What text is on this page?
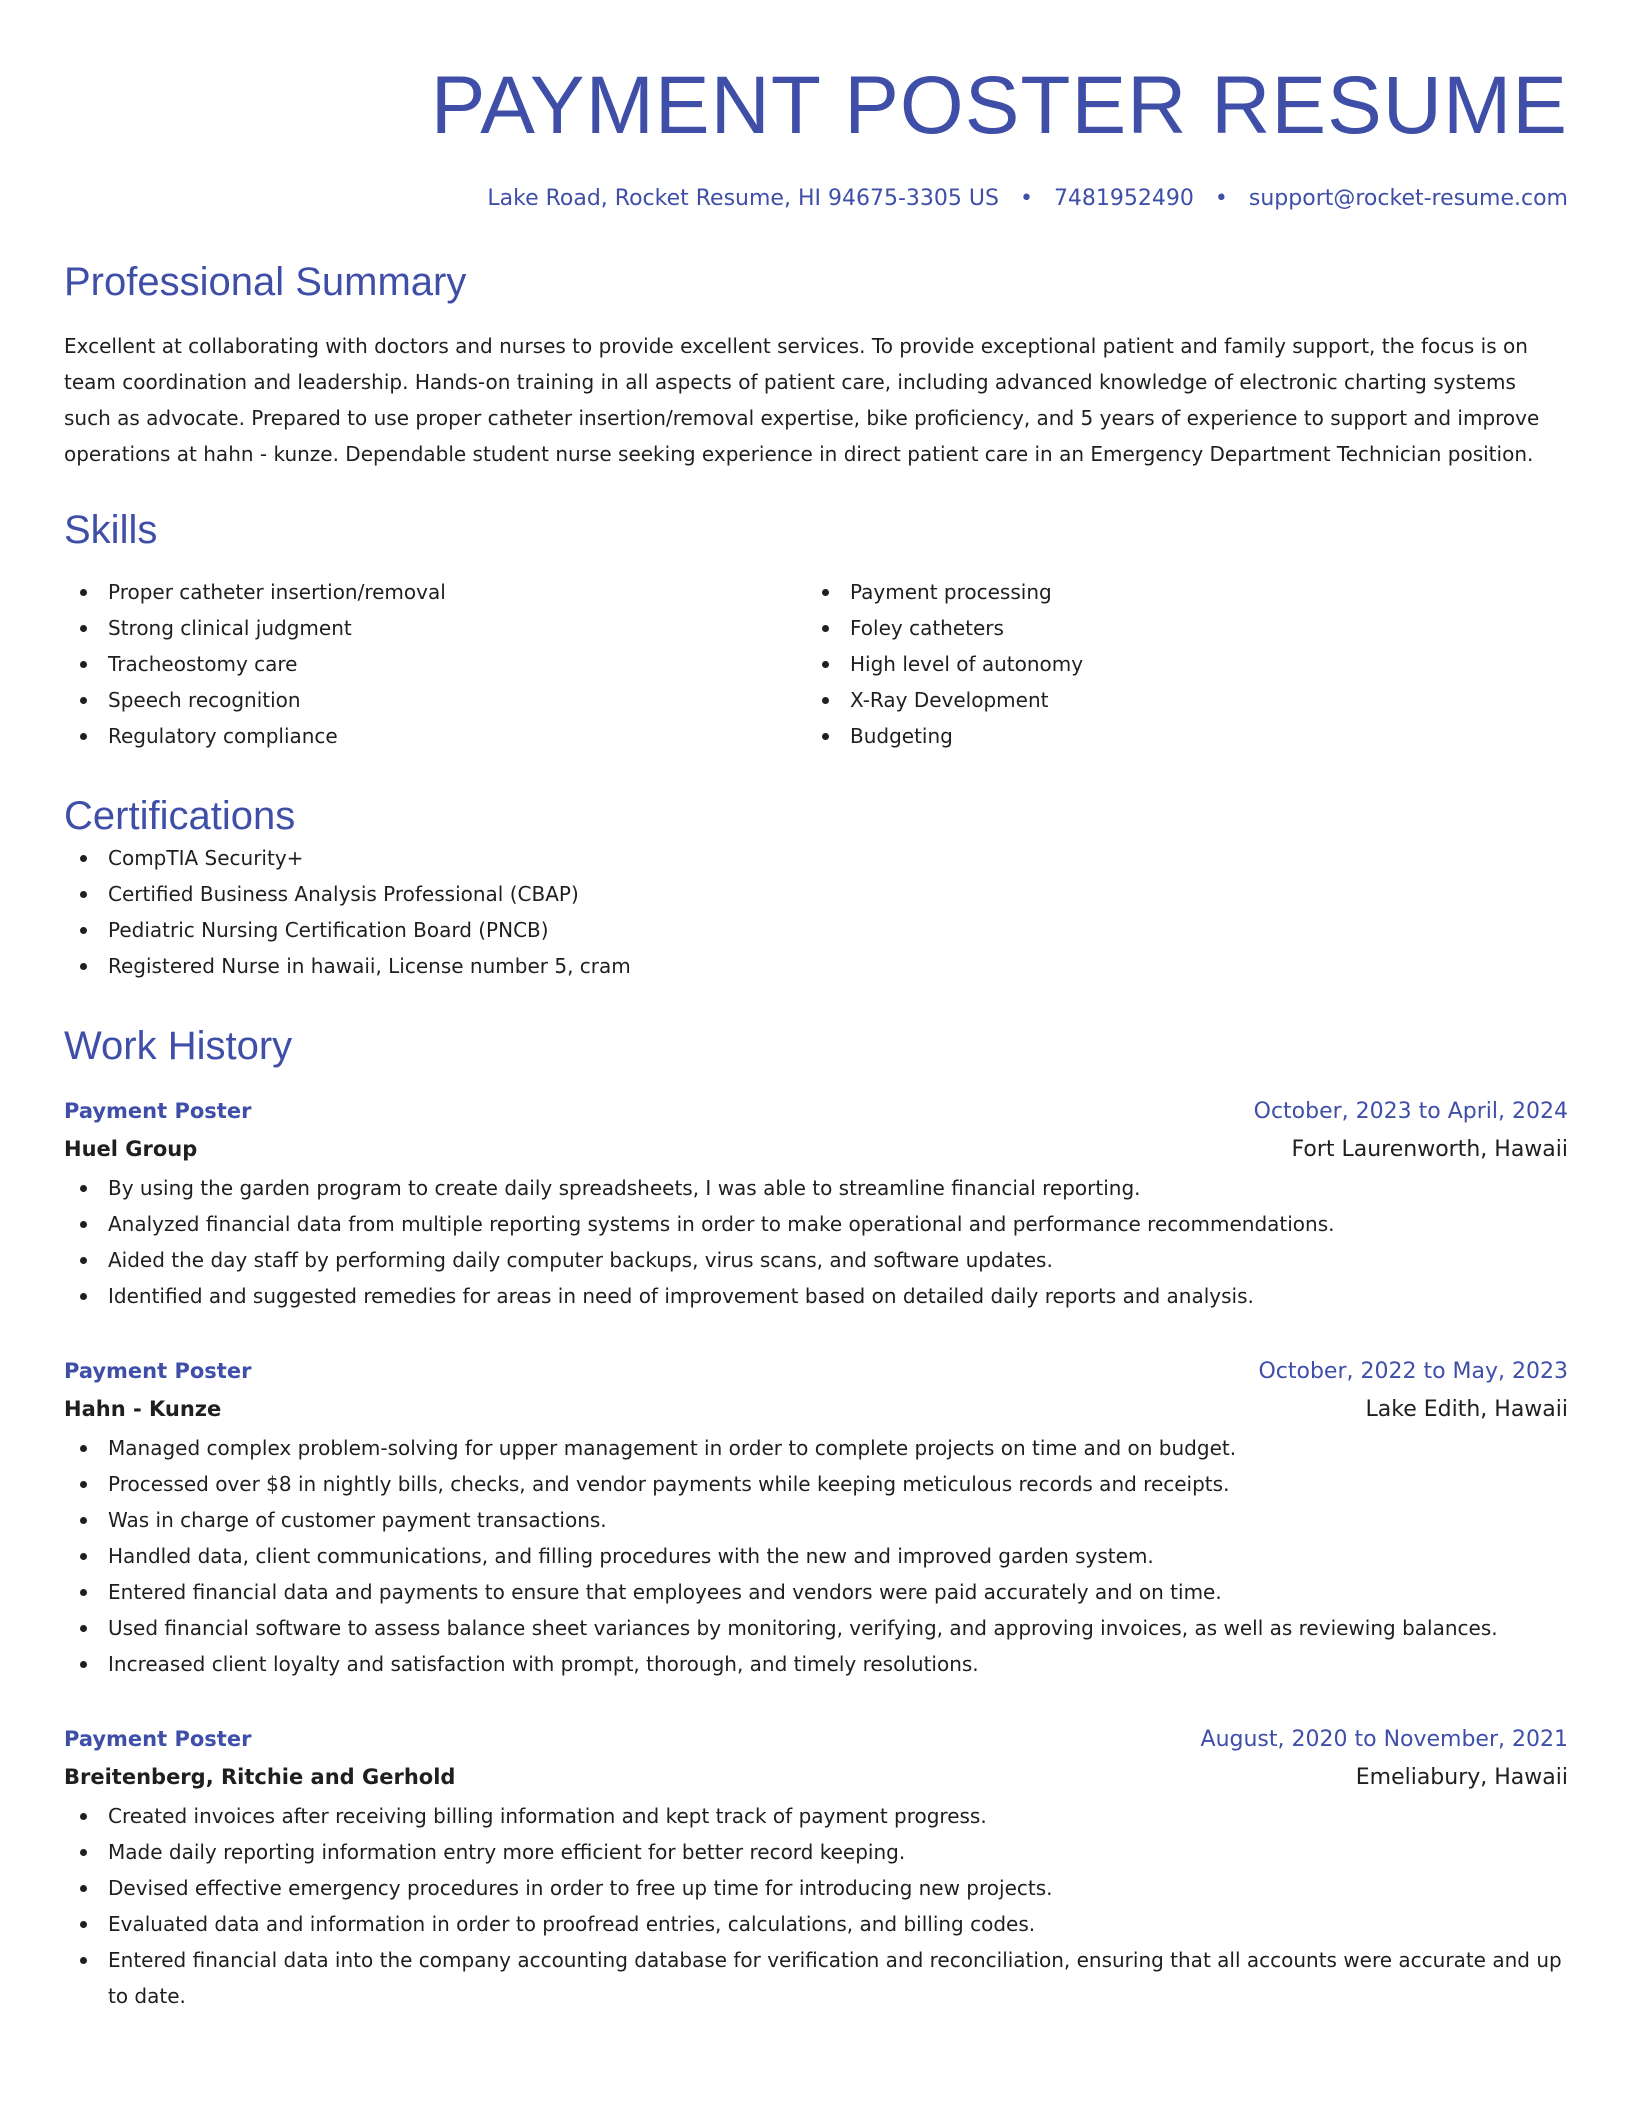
PAYMENT POSTER RESUME
Lake Road, Rocket Resume, HI 94675-3305 US • 7481952490 • support@rocket-resume.com
Professional Summary

Excellent at collaborating with doctors and nurses to provide excellent services. To provide exceptional patient and family support, the focus is on team coordination and leadership. Hands-on training in all aspects of patient care, including advanced knowledge of electronic charting systems such as advocate. Prepared to use proper catheter insertion/removal expertise, bike proficiency, and 5 years of experience to support and improve operations at hahn - kunze. Dependable student nurse seeking experience in direct patient care in an Emergency Department Technician position.

Skills
Proper catheter insertion/removal
Strong clinical judgment
Tracheostomy care
Speech recognition
Regulatory compliance
Payment processing
Foley catheters
High level of autonomy
X-Ray Development
Budgeting
Certifications
CompTIA Security+
Certified Business Analysis Professional (CBAP)
Pediatric Nursing Certification Board (PNCB)
Registered Nurse in hawaii, License number 5, cram
Work History
Payment Poster	October, 2023 to April, 2024
Huel Group	Fort Laurenworth, Hawaii
By using the garden program to create daily spreadsheets, I was able to streamline financial reporting.
Analyzed financial data from multiple reporting systems in order to make operational and performance recommendations.
Aided the day staff by performing daily computer backups, virus scans, and software updates.
Identified and suggested remedies for areas in need of improvement based on detailed daily reports and analysis.
Payment Poster	October, 2022 to May, 2023
Hahn - Kunze	Lake Edith, Hawaii
Managed complex problem-solving for upper management in order to complete projects on time and on budget.
Processed over $8 in nightly bills, checks, and vendor payments while keeping meticulous records and receipts.
Was in charge of customer payment transactions.
Handled data, client communications, and filling procedures with the new and improved garden system.
Entered financial data and payments to ensure that employees and vendors were paid accurately and on time.
Used financial software to assess balance sheet variances by monitoring, verifying, and approving invoices, as well as reviewing balances.
Increased client loyalty and satisfaction with prompt, thorough, and timely resolutions.
Payment Poster	August, 2020 to November, 2021
Breitenberg, Ritchie and Gerhold	Emeliabury, Hawaii
Created invoices after receiving billing information and kept track of payment progress.
Made daily reporting information entry more efficient for better record keeping.
Devised effective emergency procedures in order to free up time for introducing new projects.
Evaluated data and information in order to proofread entries, calculations, and billing codes.
Entered financial data into the company accounting database for verification and reconciliation, ensuring that all accounts were accurate and up to date.
